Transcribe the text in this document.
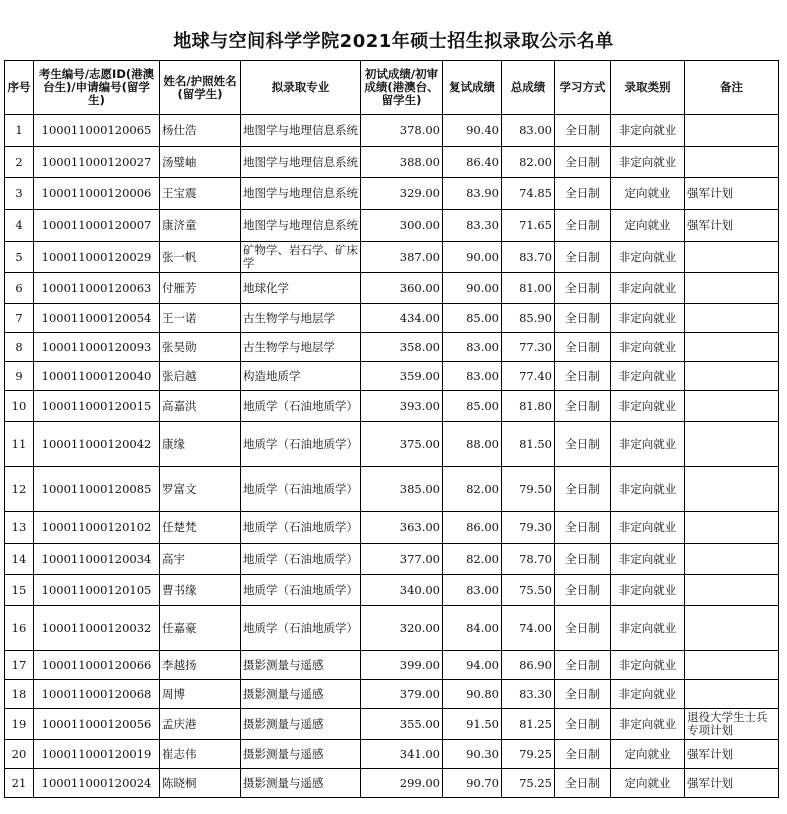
地球与空间科学学院2021年硕士招生拟录取公示名单
序号	考生编号/志愿ID(港澳台生)/申请编号(留学生)	姓名/护照姓名(留学生)	拟录取专业	初试成绩/初审成绩(港澳台、留学生)	复试成绩	总成绩	学习方式	录取类别	备注
1	100011000120065	杨仕浩	地图学与地理信息系统	378.00	90.40	83.00	全日制	非定向就业	
2	100011000120027	汤璧岫	地图学与地理信息系统	388.00	86.40	82.00	全日制	非定向就业	
3	100011000120006	王宝震	地图学与地理信息系统	329.00	83.90	74.85	全日制	定向就业	强军计划
4	100011000120007	康济童	地图学与地理信息系统	300.00	83.30	71.65	全日制	定向就业	强军计划
5	100011000120029	张一帆	矿物学、岩石学、矿床学	387.00	90.00	83.70	全日制	非定向就业	
6	100011000120063	付雁芳	地球化学	360.00	90.00	81.00	全日制	非定向就业	
7	100011000120054	王一诺	古生物学与地层学	434.00	85.00	85.90	全日制	非定向就业	
8	100011000120093	张昊勋	古生物学与地层学	358.00	83.00	77.30	全日制	非定向就业	
9	100011000120040	张启越	构造地质学	359.00	83.00	77.40	全日制	非定向就业	
10	100011000120015	高嘉洪	地质学（石油地质学）	393.00	85.00	81.80	全日制	非定向就业	
11	100011000120042	康缘	地质学（石油地质学）	375.00	88.00	81.50	全日制	非定向就业	
12	100011000120085	罗富文	地质学（石油地质学）	385.00	82.00	79.50	全日制	非定向就业	
13	100011000120102	任楚梵	地质学（石油地质学）	363.00	86.00	79.30	全日制	非定向就业	
14	100011000120034	高宇	地质学（石油地质学）	377.00	82.00	78.70	全日制	非定向就业	
15	100011000120105	曹书缘	地质学（石油地质学）	340.00	83.00	75.50	全日制	非定向就业	
16	100011000120032	任嘉豪	地质学（石油地质学）	320.00	84.00	74.00	全日制	非定向就业	
17	100011000120066	李越扬	摄影测量与遥感	399.00	94.00	86.90	全日制	非定向就业	
18	100011000120068	周博	摄影测量与遥感	379.00	90.80	83.30	全日制	非定向就业	
19	100011000120056	孟庆港	摄影测量与遥感	355.00	91.50	81.25	全日制	非定向就业	退役大学生士兵专项计划
20	100011000120019	崔志伟	摄影测量与遥感	341.00	90.30	79.25	全日制	定向就业	强军计划
21	100011000120024	陈晓桐	摄影测量与遥感	299.00	90.70	75.25	全日制	定向就业	强军计划
